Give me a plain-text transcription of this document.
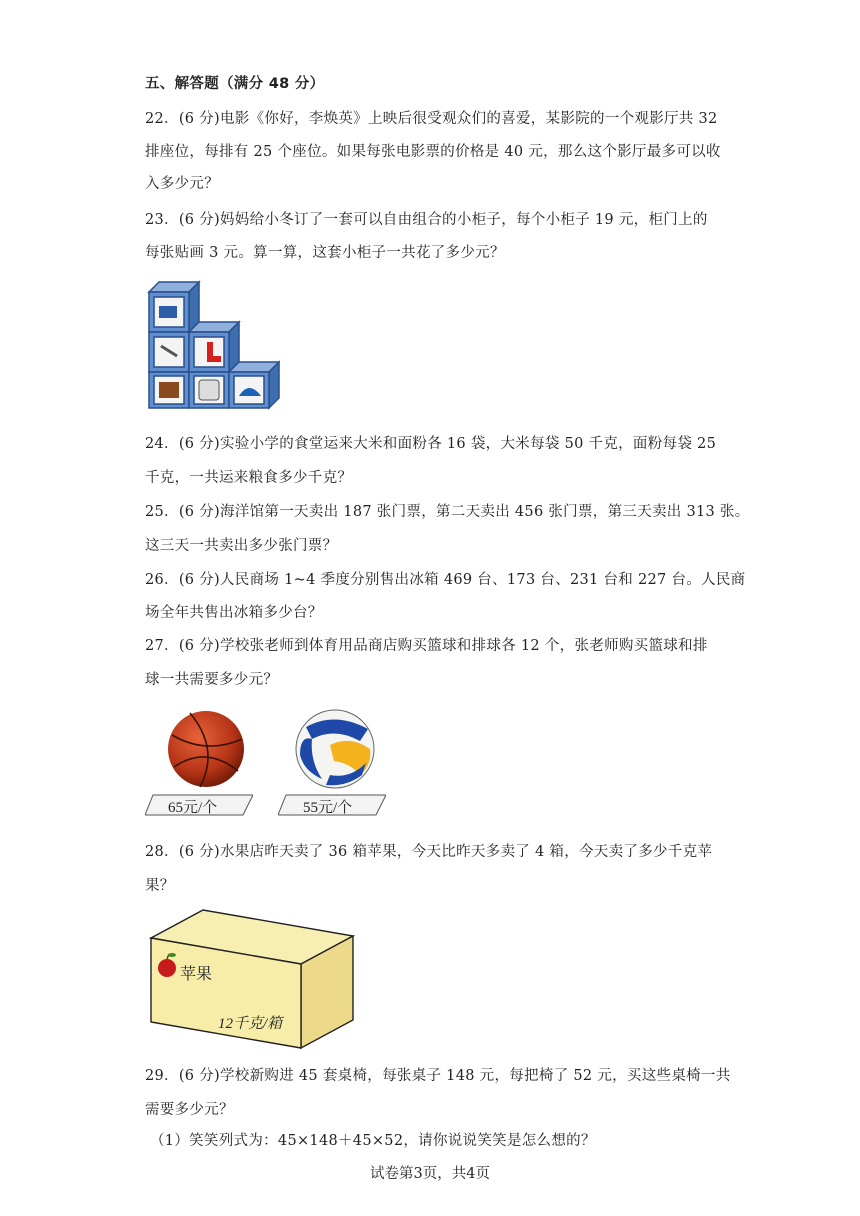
五、解答题（满分 48 分）
22．(6 分)电影《你好，李焕英》上映后很受观众们的喜爱，某影院的一个观影厅共 32
排座位，每排有 25 个座位。如果每张电影票的价格是 40 元，那么这个影厅最多可以收
入多少元？
23．(6 分)妈妈给小冬订了一套可以自由组合的小柜子，每个小柜子 19 元，柜门上的
每张贴画 3 元。算一算，这套小柜子一共花了多少元？
24．(6 分)实验小学的食堂运来大米和面粉各 16 袋，大米每袋 50 千克，面粉每袋 25
千克，一共运来粮食多少千克？
25．(6 分)海洋馆第一天卖出 187 张门票，第二天卖出 456 张门票，第三天卖出 313 张。
这三天一共卖出多少张门票？
26．(6 分)人民商场 1~4 季度分别售出冰箱 469 台、173 台、231 台和 227 台。人民商
场全年共售出冰箱多少台？
27．(6 分)学校张老师到体育用品商店购买篮球和排球各 12 个，张老师购买篮球和排
球一共需要多少元？
65元/个	55元/个
28．(6 分)水果店昨天卖了 36 箱苹果，今天比昨天多卖了 4 箱，今天卖了多少千克苹
果？
苹果
12千克/箱
29．(6 分)学校新购进 45 套桌椅，每张桌子 148 元，每把椅了 52 元，买这些桌椅一共
需要多少元？
（1）笑笑列式为：45×148＋45×52，请你说说笑笑是怎么想的？
试卷第3页，共4页
